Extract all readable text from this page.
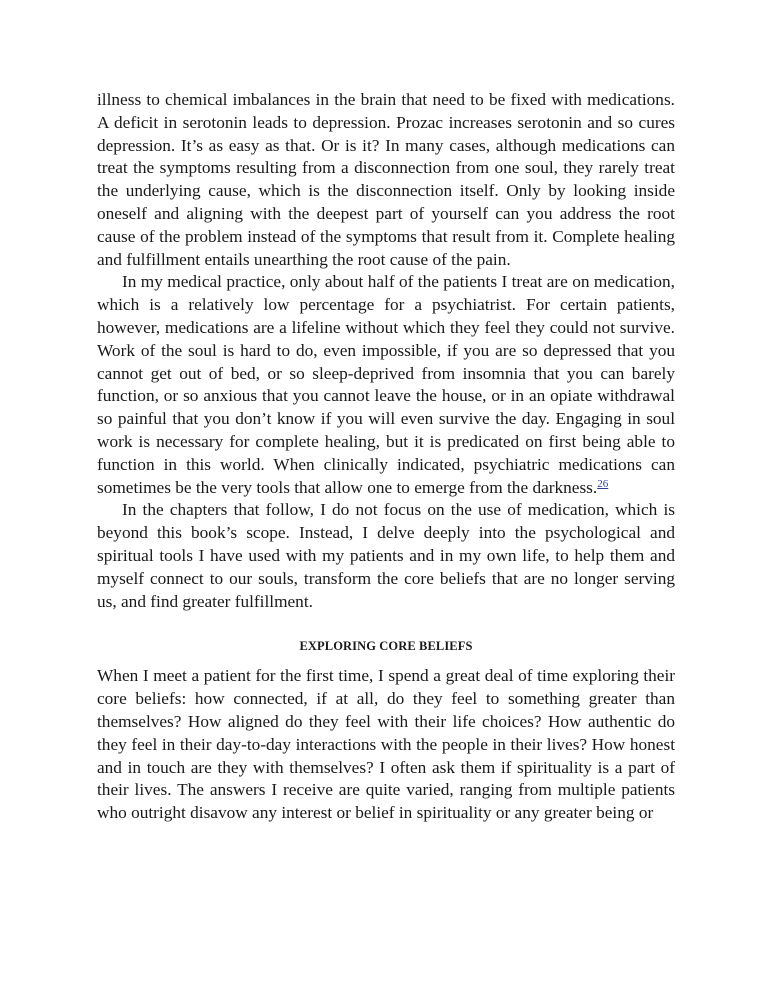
illness to chemical imbalances in the brain that need to be fixed with medications. A deficit in serotonin leads to depression. Prozac increases serotonin and so cures depression. It’s as easy as that. Or is it? In many cases, although medications can treat the symptoms resulting from a disconnection from one soul, they rarely treat the underlying cause, which is the disconnection itself. Only by looking inside oneself and aligning with the deepest part of yourself can you address the root cause of the problem instead of the symptoms that result from it. Complete healing and fulfillment entails unearthing the root cause of the pain.

In my medical practice, only about half of the patients I treat are on medication, which is a relatively low percentage for a psychiatrist. For certain patients, however, medications are a lifeline without which they feel they could not survive. Work of the soul is hard to do, even impossible, if you are so depressed that you cannot get out of bed, or so sleep-deprived from insomnia that you can barely function, or so anxious that you cannot leave the house, or in an opiate withdrawal so painful that you don’t know if you will even survive the day. Engaging in soul work is necessary for complete healing, but it is predicated on first being able to function in this world. When clinically indicated, psychiatric medications can sometimes be the very tools that allow one to emerge from the darkness.$^{26}$

In the chapters that follow, I do not focus on the use of medication, which is beyond this book’s scope. Instead, I delve deeply into the psychological and spiritual tools I have used with my patients and in my own life, to help them and myself connect to our souls, transform the core beliefs that are no longer serving us, and find greater fulfillment.

EXPLORING CORE BELIEFS

When I meet a patient for the first time, I spend a great deal of time exploring their core beliefs: how connected, if at all, do they feel to something greater than themselves? How aligned do they feel with their life choices? How authentic do they feel in their day-to-day interactions with the people in their lives? How honest and in touch are they with themselves? I often ask them if spirituality is a part of their lives. The answers I receive are quite varied, ranging from multiple patients who outright disavow any interest or belief in spirituality or any greater being or
